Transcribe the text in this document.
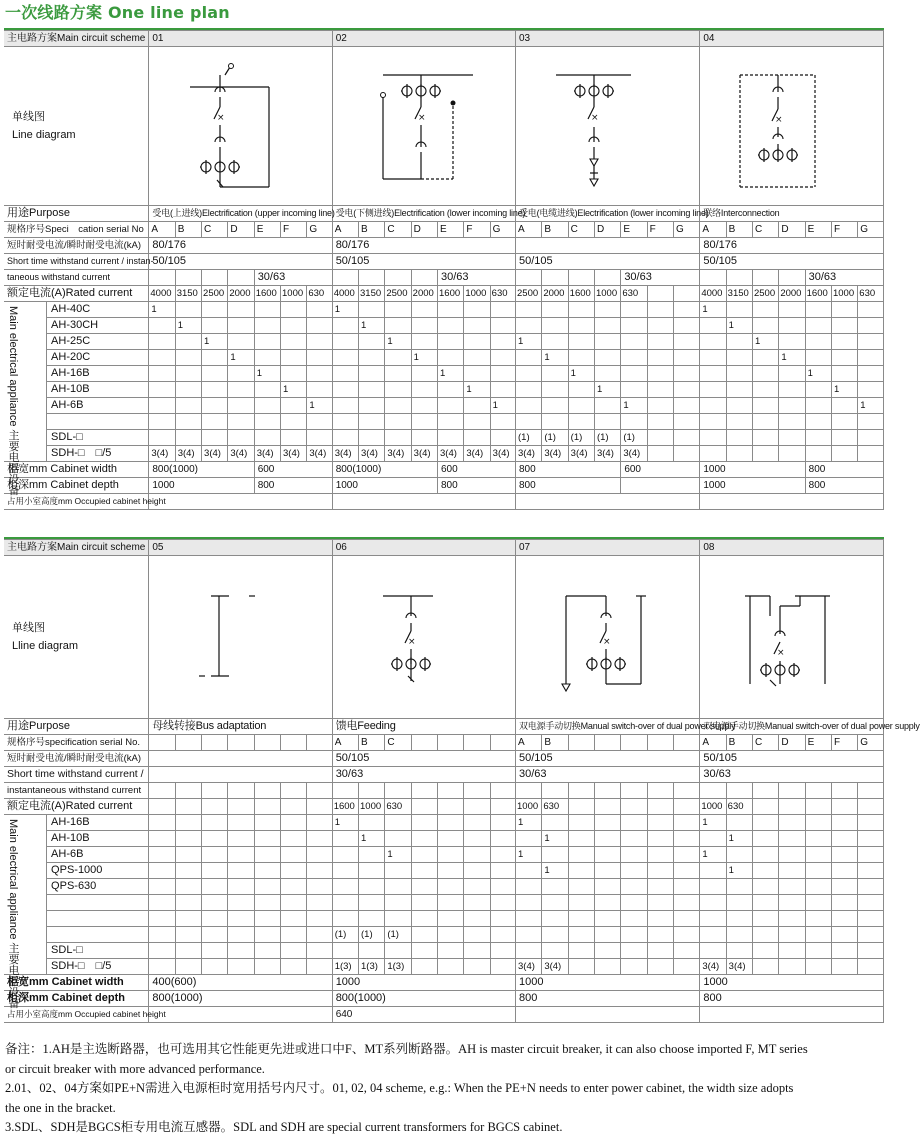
一次线路方案 One line plan
主电路方案Main circuit scheme		01							02							03							04						

单线图
Line diagram		×							×							×							×						

用途Purpose		受电(上进线)Electrification (upper incoming line)							受电(下侧进线)Electrification (lower incoming line)							受电(电缆进线)Electrification (lower incoming line)							联络Interconnection						
规格序号Speci　cation serial No		A	B	C	D	E	F	G	A	B	C	D	E	F	G	A	B	C	D	E	F	G	A	B	C	D	E	F	G
短时耐受电流/瞬时耐受电流(kA)		80/176							80/176														80/176						
Short time withstand current / instan-		50/105							50/105							50/105							50/105						
taneous withstand current						30/63							30/63							30/63							30/63		
额定电流(A)Rated current		4000	3150	2500	2000	1600	1000	630	4000	3150	2500	2000	1600	1000	630	2500	2000	1600	1000	630			4000	3150	2500	2000	1600	1000	630

Main electrical appliance 主要电器设备	AH-40C	1							1														1						
	AH-30CH		1							1														1					
	AH-25C			1							1					1									1				
	AH-20C				1							1					1									1			
	AH-16B					1							1					1									1		
	AH-10B						1							1					1									1	
	AH-6B							1							1					1									1

	SDL-□															(1)	(1)	(1)	(1)	(1)									
	SDH-□　□/5	3(4)	3(4)	3(4)	3(4)	3(4)	3(4)	3(4)	3(4)	3(4)	3(4)	3(4)	3(4)	3(4)	3(4)	3(4)	3(4)	3(4)	3(4)	3(4)									
柜宽mm Cabinet width		800(1000)				600			800(1000)				600			800				600			1000				800		
柜深mm Cabinet depth		1000				800			1000				800			800							1000				800		
占用小室高度mm Occupied cabinet height																													
主电路方案Main circuit scheme		05							06							07							08						

单线图
Lline diagram									×							×							×						

用途Purpose		母线转接Bus adaptation							馈电Feeding							双电源手动切换Manual switch-over of dual power supply							双电源手动切换Manual switch-over of dual power supply						
规格序号specification serial No.									A	B	C					A	B						A	B	C	D	E	F	G
短时耐受电流/瞬时耐受电流(kA)									50/105							50/105							50/105						
Short time withstand current /									30/63							30/63							30/63						
instantaneous withstand current																													
额定电流(A)Rated current									1600	1000	630					1000	630						1000	630					

Main electrical appliance 主要电器设备	AH-16B								1							1							1						
	AH-10B									1							1							1					
	AH-6B										1					1							1						
	QPS-1000																1							1					
	QPS-630																												

									(1)	(1)	(1)																		
	SDL-□																												
	SDH-□　□/5								1(3)	1(3)	1(3)					3(4)	3(4)						3(4)	3(4)					
柜宽mm Cabinet width		400(600)							1000							1000							1000						
柜深mm Cabinet depth		800(1000)							800(1000)							800							800						
占用小室高度mm Occupied cabinet height									640																				
备注：1.AH是主选断路器，也可选用其它性能更先进或进口中F、MT系列断路器。AH is master circuit breaker, it can also choose imported F, MT series
or circuit breaker with more advanced performance.
2.01、02、04方案如PE+N需进入电源柜时宽用括号内尺寸。01, 02, 04 scheme, e.g.: When the PE+N needs to enter power cabinet, the width size adopts
the one in the bracket.
3.SDL、SDH是BGCS柜专用电流互感器。SDL and SDH are special current transformers for BGCS cabinet.
